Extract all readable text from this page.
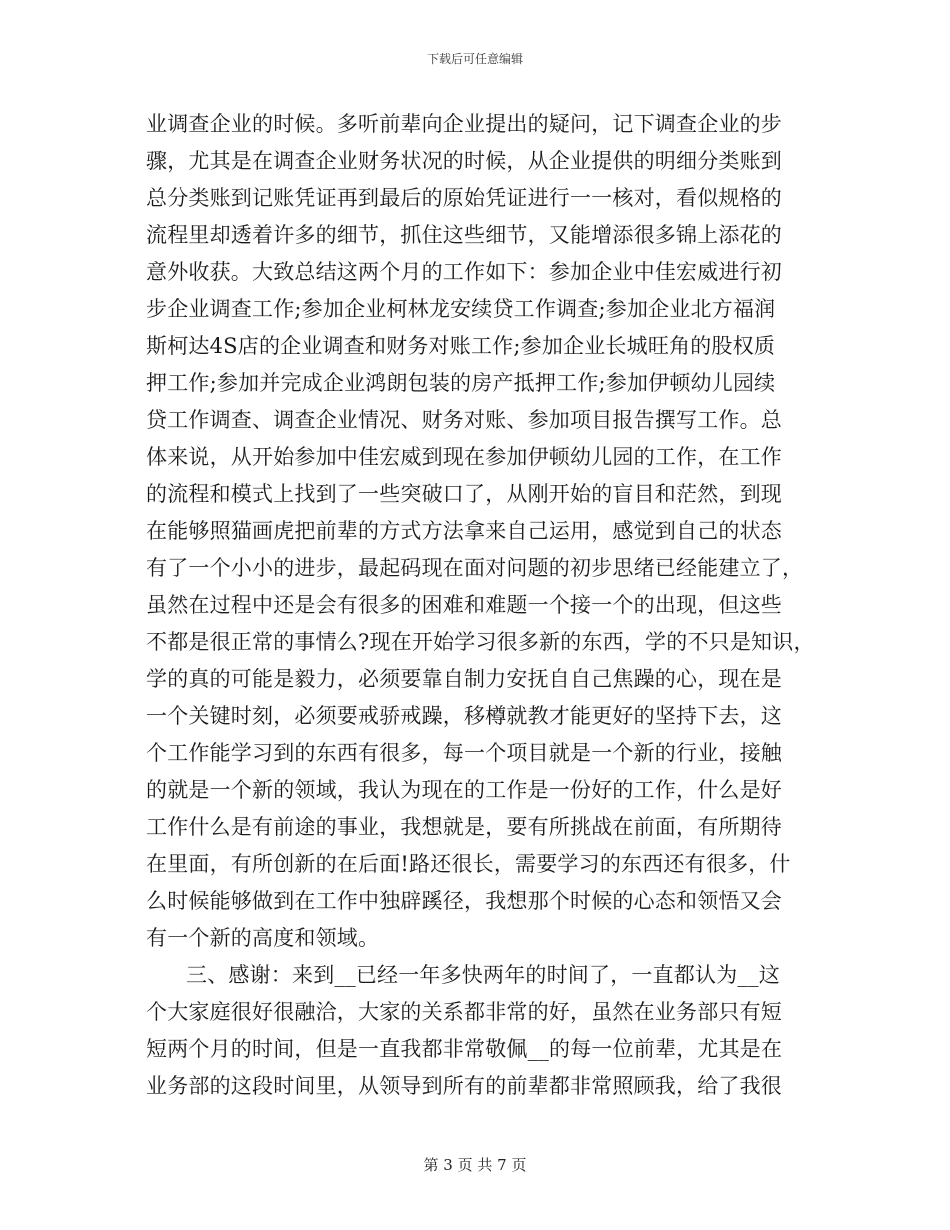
下载后可任意编辑
业调查企业的时候。多听前辈向企业提出的疑问，记下调查企业的步
骤，尤其是在调查企业财务状况的时候，从企业提供的明细分类账到
总分类账到记账凭证再到最后的原始凭证进行一一核对，看似规格的
流程里却透着许多的细节，抓住这些细节，又能增添很多锦上添花的
意外收获。大致总结这两个月的工作如下：参加企业中佳宏威进行初
步企业调查工作;参加企业柯林龙安续贷工作调查;参加企业北方福润
斯柯达4S店的企业调查和财务对账工作;参加企业长城旺角的股权质
押工作;参加并完成企业鸿朗包装的房产抵押工作;参加伊顿幼儿园续
贷工作调查、调查企业情况、财务对账、参加项目报告撰写工作。总
体来说，从开始参加中佳宏威到现在参加伊顿幼儿园的工作，在工作
的流程和模式上找到了一些突破口了，从刚开始的盲目和茫然，到现
在能够照猫画虎把前辈的方式方法拿来自己运用，感觉到自己的状态
有了一个小小的进步，最起码现在面对问题的初步思绪已经能建立了，
虽然在过程中还是会有很多的困难和难题一个接一个的出现，但这些
不都是很正常的事情么?现在开始学习很多新的东西，学的不只是知识，
学的真的可能是毅力，必须要靠自制力安抚自自己焦躁的心，现在是
一个关键时刻，必须要戒骄戒躁，移樽就教才能更好的坚持下去，这
个工作能学习到的东西有很多，每一个项目就是一个新的行业，接触
的就是一个新的领域，我认为现在的工作是一份好的工作，什么是好
工作什么是有前途的事业，我想就是，要有所挑战在前面，有所期待
在里面，有所创新的在后面!路还很长，需要学习的东西还有很多，什
么时候能够做到在工作中独辟蹊径，我想那个时候的心态和领悟又会
有一个新的高度和领域。
三、感谢：来到__已经一年多快两年的时间了，一直都认为__这
个大家庭很好很融洽，大家的关系都非常的好，虽然在业务部只有短
短两个月的时间，但是一直我都非常敬佩__的每一位前辈，尤其是在
业务部的这段时间里，从领导到所有的前辈都非常照顾我，给了我很
第 3 页 共 7 页
